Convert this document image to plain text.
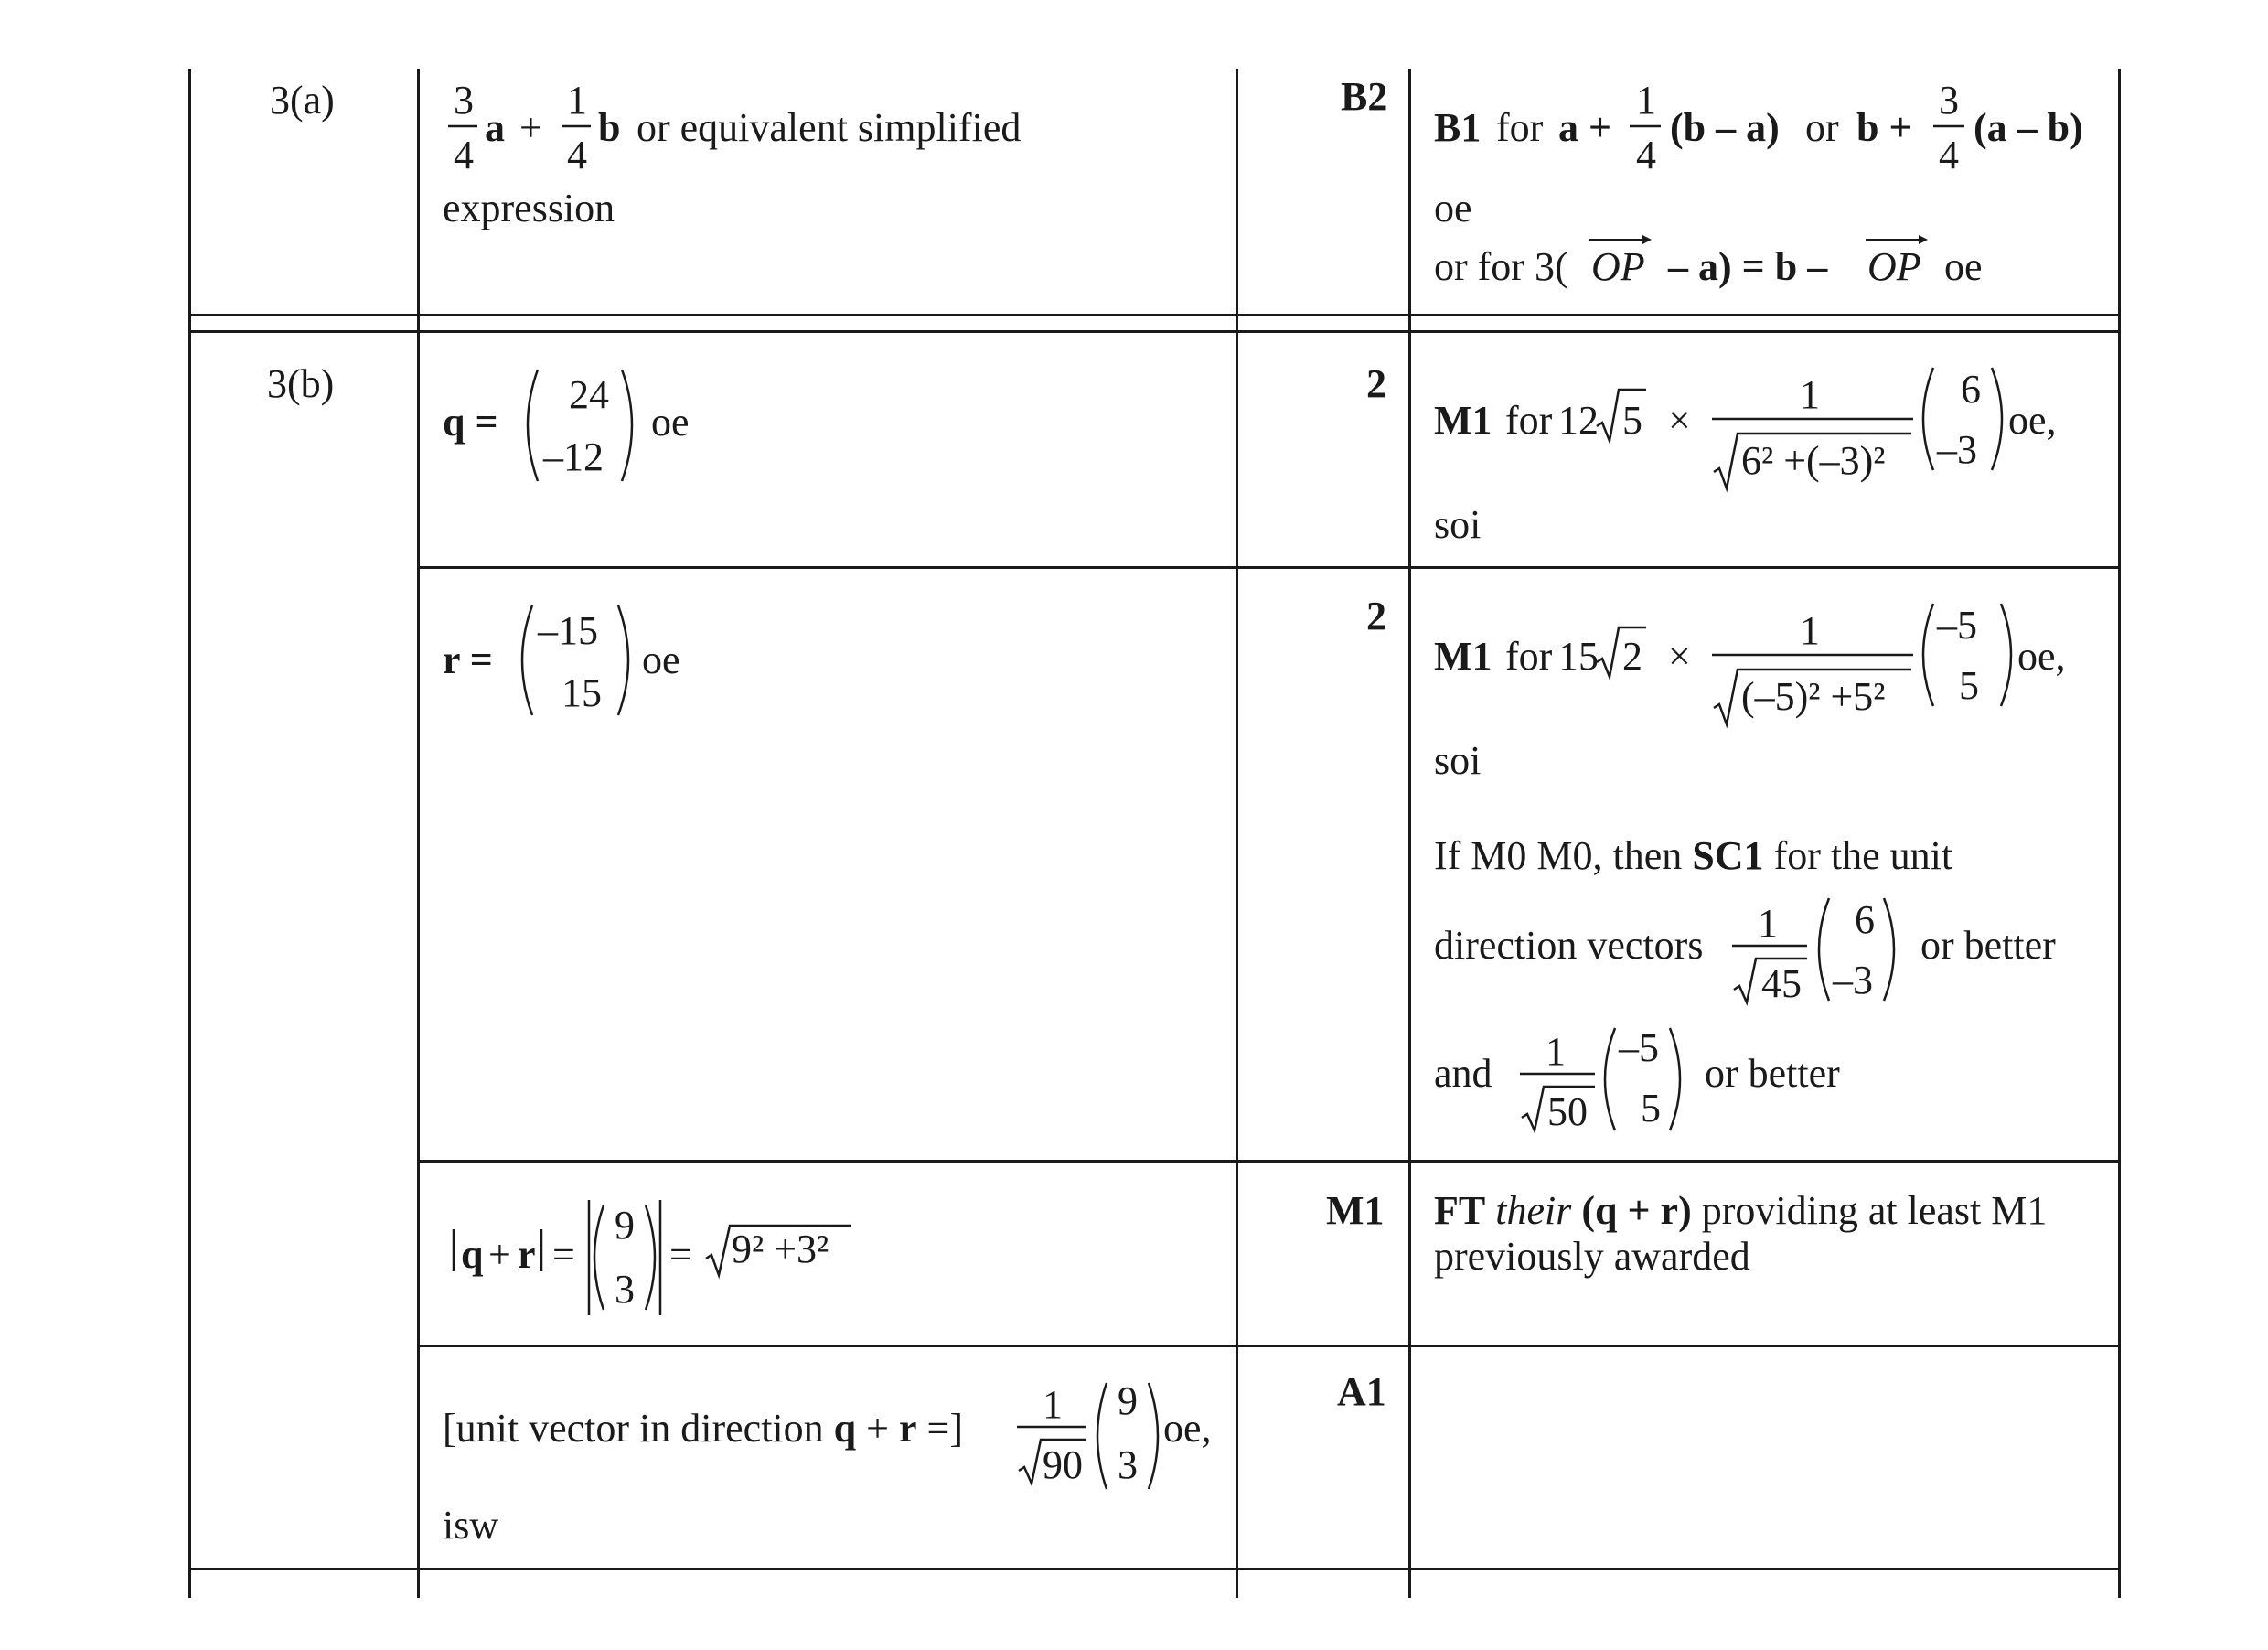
3(a)	3
4
a +
1
4
b or equivalent simplified
expression
B2
B1 for a +
1
4
(b – a) or b +
3
4
(a – b)
oe
or for 3( OP – a) = b – OP oe
3(b)
q =
24
–12
oe
2
M1 for 12 5 ×
1
6² +(–3)²
6
–3
oe,
soi
r =
–15
15
oe
2
M1 for 15 2 ×
1
(–5)² +5²
–5
5
oe,
soi
If M0 M0, then SC1 for the unit
direction vectors 1
45
6
–3
or better
and 1
50
–5
5
or better
q + r =
9
3
= 9² +3²
M1 FT their (q + r) providing at least M1
previously awarded
[unit vector in direction q + r =]
1
90
9
3
oe,
isw
A1
